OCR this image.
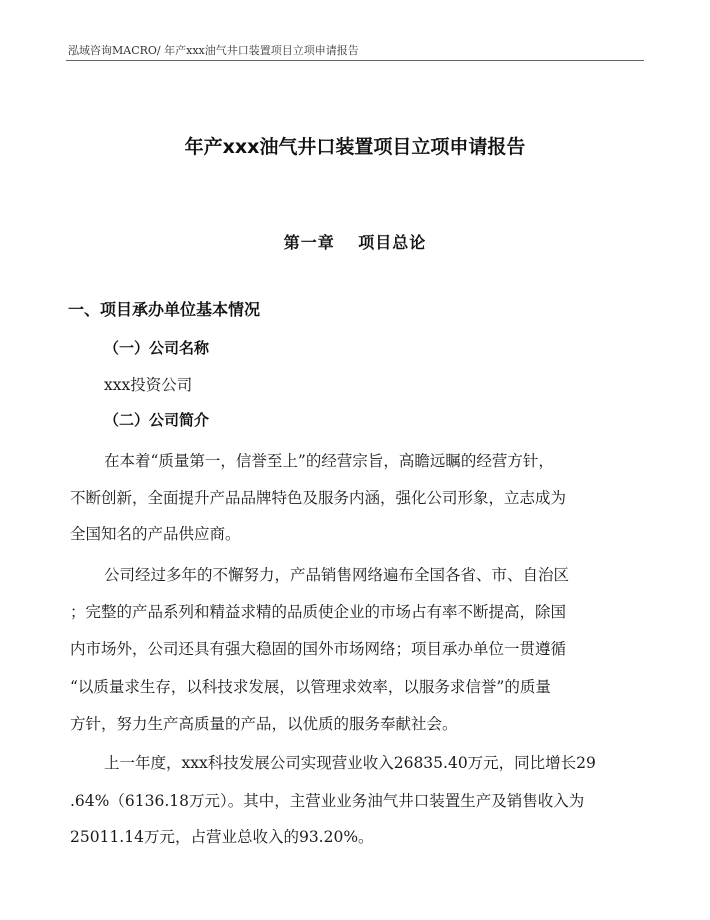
泓域咨询MACRO/ 年产xxx油气井口装置项目立项申请报告
年产xxx油气井口装置项目立项申请报告
第一章　 项目总论
一、项目承办单位基本情况
（一）公司名称
xxx投资公司
（二）公司简介
在本着“质量第一，信誉至上”的经营宗旨，高瞻远瞩的经营方针，
不断创新，全面提升产品品牌特色及服务内涵，强化公司形象，立志成为
全国知名的产品供应商。
公司经过多年的不懈努力，产品销售网络遍布全国各省、市、自治区
；完整的产品系列和精益求精的品质使企业的市场占有率不断提高，除国
内市场外，公司还具有强大稳固的国外市场网络；项目承办单位一贯遵循
“以质量求生存，以科技求发展，以管理求效率，以服务求信誉”的质量
方针，努力生产高质量的产品，以优质的服务奉献社会。
上一年度，xxx科技发展公司实现营业收入26835.40万元，同比增长29
.64%（6136.18万元）。其中，主营业业务油气井口装置生产及销售收入为
25011.14万元，占营业总收入的93.20%。
